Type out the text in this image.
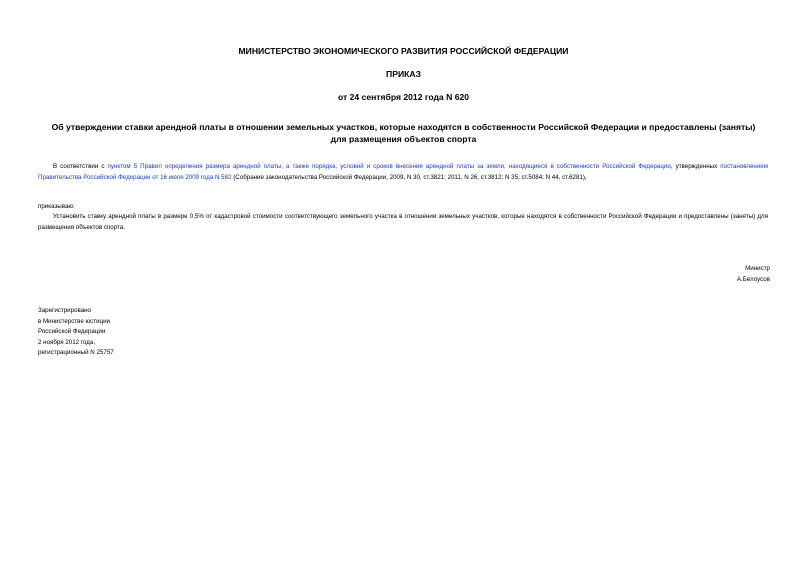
МИНИСТЕРСТВО ЭКОНОМИЧЕСКОГО РАЗВИТИЯ РОССИЙСКОЙ ФЕДЕРАЦИИ
ПРИКАЗ
от 24 сентября 2012 года N 620
Об утверждении ставки арендной платы в отношении земельных участков, которые находятся в собственности Российской Федерации и предоставлены (заняты)
для размещения объектов спорта
В соответствии с пунктом 5 Правил определения размера арендной платы, а также порядка, условий и сроков внесения арендной платы за земли, находящиеся в собственности Российской Федерации, утвержденных постановлением Правительства Российской Федерации от 16 июля 2009 года N 582 (Собрание законодательства Российской Федерации, 2009, N 30, ст.3821; 2011, N 26, ст.3812; N 35, ст.5084; N 44, ст.6281),
приказываю:
Установить ставку арендной платы в размере 0,5% от кадастровой стоимости соответствующего земельного участка в отношении земельных участков, которые находятся в собственности Российской Федерации и предоставлены (заняты) для размещения объектов спорта.
Министр
А.Белоусов
Зарегистрировано
в Министерстве юстиции
Российской Федерации
2 ноября 2012 года,
регистрационный N 25757
